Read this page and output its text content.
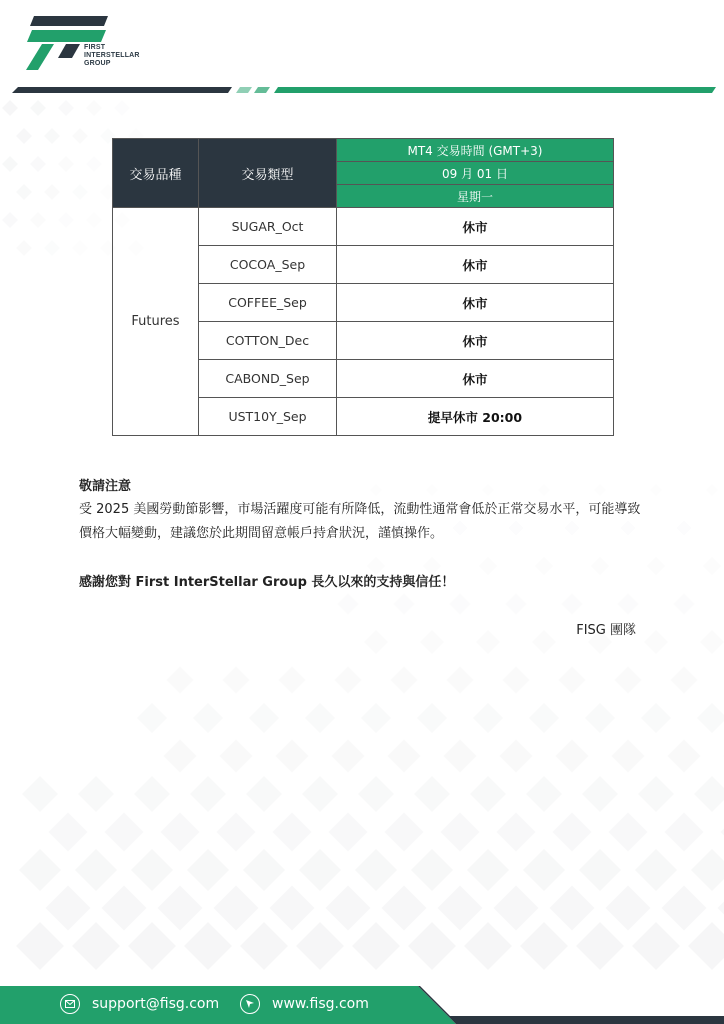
FIRST
INTERSTELLAR
GROUP
交易品種	交易類型	MT4 交易時間 (GMT+3)
		09 月 01 日
		星期一
Futures	SUGAR_Oct	休市
	COCOA_Sep	休市
	COFFEE_Sep	休市
	COTTON_Dec	休市
	CABOND_Sep	休市
	UST10Y_Sep	提早休市 20:00
敬請注意
受 2025 美國勞動節影響，市場活躍度可能有所降低，流動性通常會低於正常交易水平，可能導致價格大幅變動，建議您於此期間留意帳戶持倉狀況，謹慎操作。
感謝您對 First InterStellar Group 長久以來的支持與信任！
FISG 團隊
support@fisg.com	www.fisg.com
